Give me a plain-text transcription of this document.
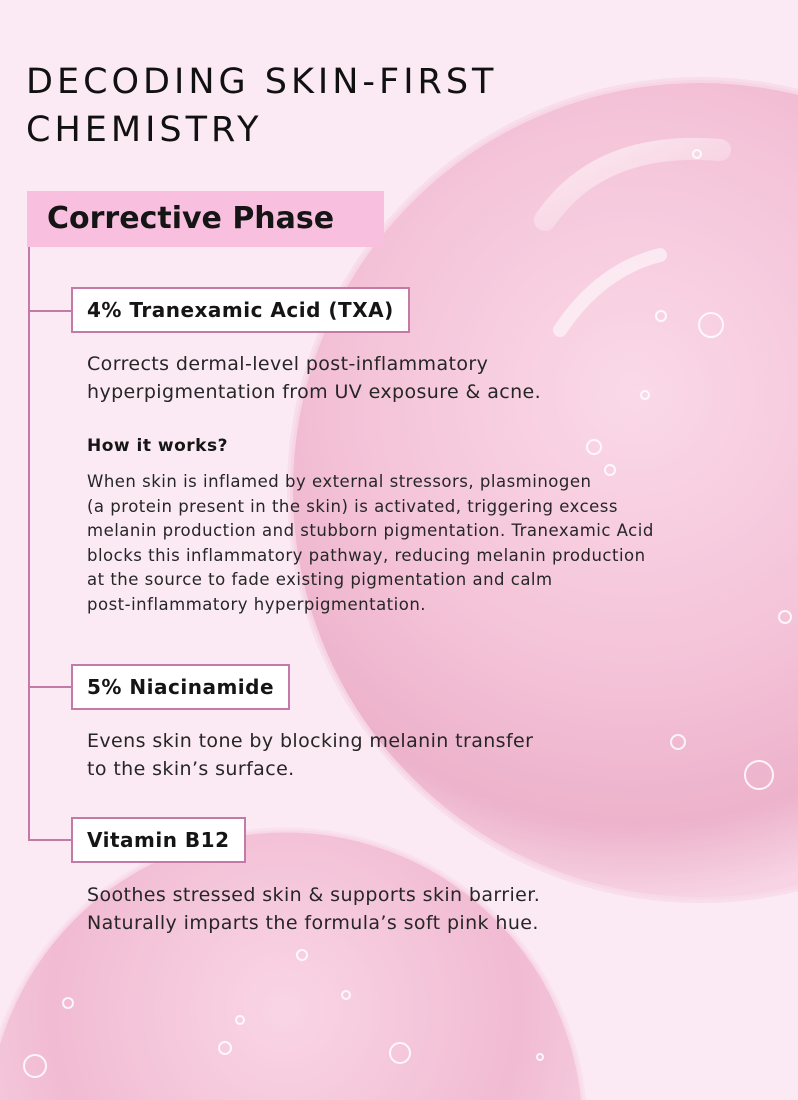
DECODING SKIN-FIRST
CHEMISTRY
Corrective Phase
4% Tranexamic Acid (TXA)
Corrects dermal-level post-inflammatory
hyperpigmentation from UV exposure & acne.
How it works?
When skin is inflamed by external stressors, plasminogen
(a protein present in the skin) is activated, triggering excess
melanin production and stubborn pigmentation. Tranexamic Acid
blocks this inflammatory pathway, reducing melanin production
at the source to fade existing pigmentation and calm
post-inflammatory hyperpigmentation.
5% Niacinamide
Evens skin tone by blocking melanin transfer
to the skin’s surface.
Vitamin B12
Soothes stressed skin & supports skin barrier.
Naturally imparts the formula’s soft pink hue.
